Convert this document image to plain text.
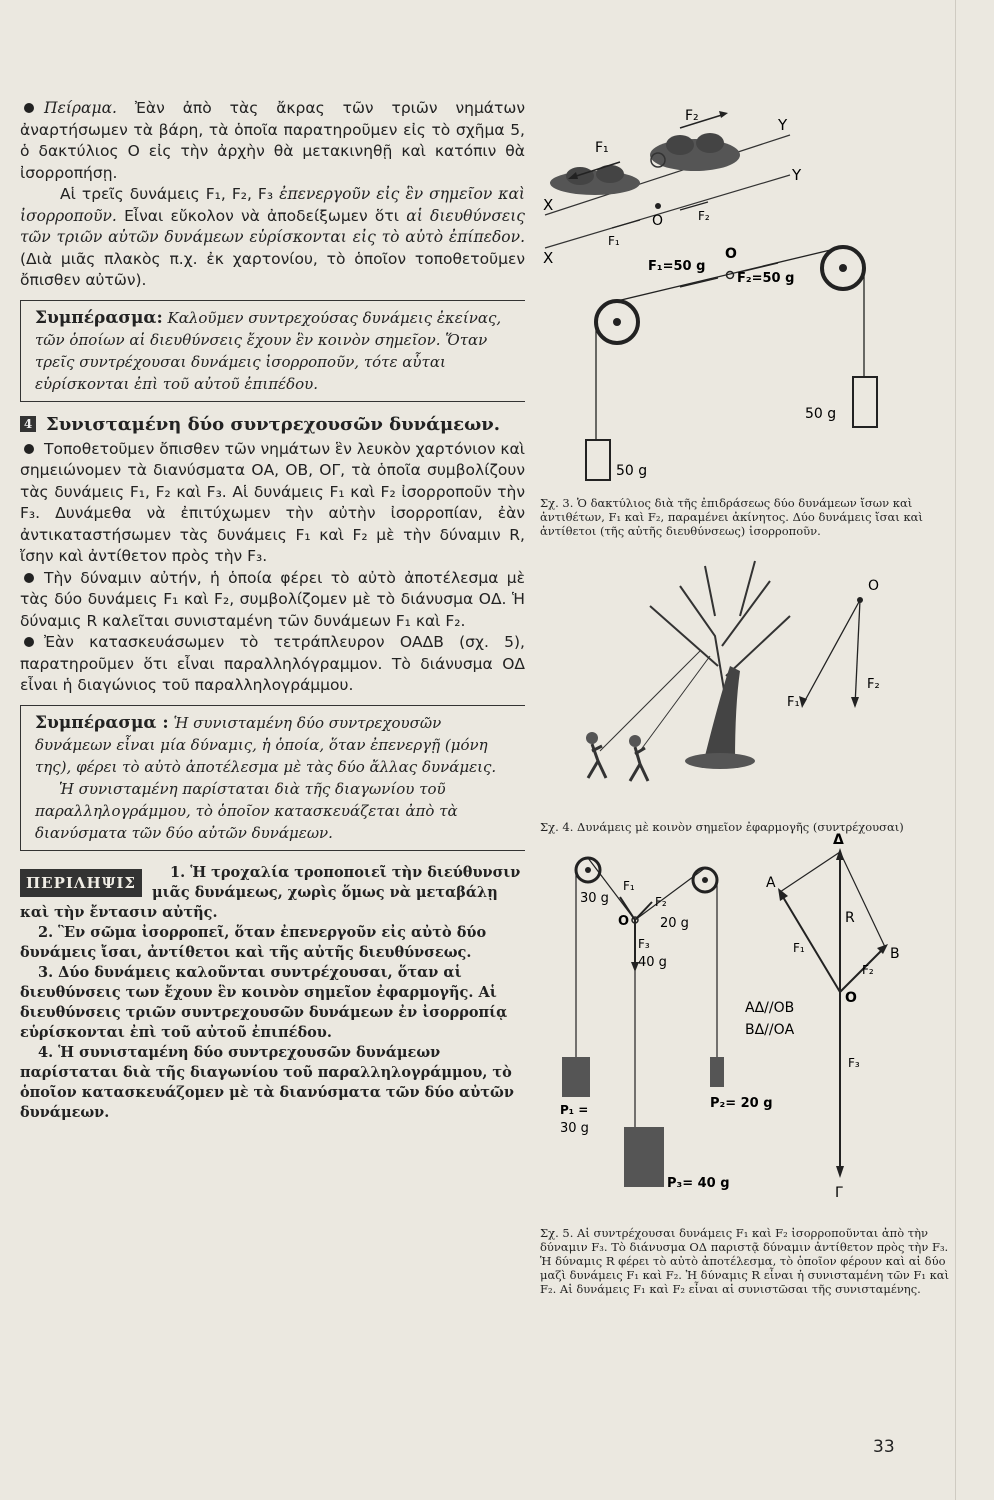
Πείραμα. Ἐὰν ἀπὸ τὰς ἄκρας τῶν τριῶν νημάτων ἀναρτήσωμεν τὰ βάρη, τὰ ὁποῖα παρατηροῦμεν εἰς τὸ σχῆμα 5, ὁ δακτύλιος Ο εἰς τὴν ἀρχὴν θὰ μετακινηθῇ καὶ κατόπιν θὰ ἰσορροπήσῃ.

Αἱ τρεῖς δυνάμεις F₁, F₂, F₃ ἐπενεργοῦν εἰς ἓν σημεῖον καὶ ἰσορροποῦν. Εἶναι εὔκολον νὰ ἀποδείξωμεν ὅτι αἱ διευθύνσεις τῶν τριῶν αὐτῶν δυνάμεων εὑρίσκονται εἰς τὸ αὐτὸ ἐπίπεδον. (Διὰ μιᾶς πλακὸς π.χ. ἐκ χαρτονίου, τὸ ὁποῖον τοποθετοῦμεν ὄπισθεν αὐτῶν).

Συμπέρασμα: Καλοῦμεν συντρεχούσας δυνάμεις ἐκείνας, τῶν ὁποίων αἱ διευθύνσεις ἔχουν ἓν κοινὸν σημεῖον. Ὅταν τρεῖς συντρέχουσαι δυνάμεις ἰσορροποῦν, τότε αὗται εὑρίσκονται ἐπὶ τοῦ αὐτοῦ ἐπιπέδου.

4 Συνισταμένη δύο συντρεχουσῶν δυνάμεων.

Τοποθετοῦμεν ὄπισθεν τῶν νημάτων ἓν λευκὸν χαρτόνιον καὶ σημειώνομεν τὰ διανύσματα ΟΑ, ΟΒ, ΟΓ, τὰ ὁποῖα συμβολίζουν τὰς δυνάμεις F₁, F₂ καὶ F₃. Αἱ δυνάμεις F₁ καὶ F₂ ἰσορροποῦν τὴν F₃. Δυνάμεθα νὰ ἐπιτύχωμεν τὴν αὐτὴν ἰσορροπίαν, ἐὰν ἀντικαταστήσωμεν τὰς δυνάμεις F₁ καὶ F₂ μὲ τὴν δύναμιν R, ἴσην καὶ ἀντίθετον πρὸς τὴν F₃.

Τὴν δύναμιν αὐτήν, ἡ ὁποία φέρει τὸ αὐτὸ ἀποτέλεσμα μὲ τὰς δύο δυνάμεις F₁ καὶ F₂, συμβολίζομεν μὲ τὸ διάνυσμα ΟΔ. Ἡ δύναμις R καλεῖται συνισταμένη τῶν δυνάμεων F₁ καὶ F₂.

Ἐὰν κατασκευάσωμεν τὸ τετράπλευρον ΟΑΔΒ (σχ. 5), παρατηροῦμεν ὅτι εἶναι παραλληλόγραμμον. Τὸ διάνυσμα ΟΔ εἶναι ἡ διαγώνιος τοῦ παραλληλογράμμου.

Συμπέρασμα : Ἡ συνισταμένη δύο συντρεχουσῶν δυνάμεων εἶναι μία δύναμις, ἡ ὁποία, ὅταν ἐπενεργῇ (μόνη της), φέρει τὸ αὐτὸ ἀποτέλεσμα μὲ τὰς δύο ἄλλας δυνάμεις.

Ἡ συνισταμένη παρίσταται διὰ τῆς διαγωνίου τοῦ παραλληλογράμμου, τὸ ὁποῖον κατασκευάζεται ἀπὸ τὰ διανύσματα τῶν δύο αὐτῶν δυνάμεων.

ΠΕΡΙΛΗΨΙΣ

1. Ἡ τροχαλία τροποποιεῖ τὴν διεύθυνσιν μιᾶς δυνάμεως, χωρὶς ὅμως νὰ μεταβάλῃ καὶ τὴν ἔντασιν αὐτῆς.

2. Ἓν σῶμα ἰσορροπεῖ, ὅταν ἐπενεργοῦν εἰς αὐτὸ δύο δυνάμεις ἴσαι, ἀντίθετοι καὶ τῆς αὐτῆς διευθύνσεως.

3. Δύο δυνάμεις καλοῦνται συντρέχουσαι, ὅταν αἱ διευθύνσεις των ἔχουν ἓν κοινὸν σημεῖον ἐφαρμογῆς. Αἱ διευθύνσεις τριῶν συντρεχουσῶν δυνάμεων ἐν ἰσορροπίᾳ εὑρίσκονται ἐπὶ τοῦ αὐτοῦ ἐπιπέδου.

4. Ἡ συνισταμένη δύο συντρεχουσῶν δυνάμεων παρίσταται διὰ τῆς διαγωνίου τοῦ παραλληλογράμμου, τὸ ὁποῖον κατασκευάζομεν μὲ τὰ διανύσματα τῶν δύο αὐτῶν δυνάμεων.

F₁
F₂	Y
Y
X
X
O
F₁
F₂
50 g
50 g
O
F₁=50 g
F₂=50 g

Σχ. 3. Ὁ δακτύλιος διὰ τῆς ἐπιδράσεως δύο δυνάμεων ἴσων καὶ ἀντιθέτων, F₁ καὶ F₂, παραμένει ἀκίνητος. Δύο δυνάμεις ἴσαι καὶ ἀντίθετοι (τῆς αὐτῆς διευθύνσεως) ἰσορροποῦν.

O
F₁
F₂

Σχ. 4. Δυνάμεις μὲ κοινὸν σημεῖον ἐφαρμογῆς (συντρέχουσαι)

F₁
F₂
F₃
30 g
20 g
40 g
O
P₁ =
30 g
P₂= 20 g
P₃= 40 g
Δ
A
B
R
F₁
F₂
F₃
O
Γ
ΑΔ//ΟΒ
ΒΔ//ΟΑ

Σχ. 5. Αἱ συντρέχουσαι δυνάμεις F₁ καὶ F₂ ἰσορροποῦνται ἀπὸ τὴν δύναμιν F₃. Τὸ διάνυσμα ΟΔ παριστᾷ δύναμιν ἀντίθετον πρὸς τὴν F₃. Ἡ δύναμις R φέρει τὸ αὐτὸ ἀποτέλεσμα, τὸ ὁποῖον φέρουν καὶ αἱ δύο μαζὶ δυνάμεις F₁ καὶ F₂. Ἡ δύναμις R εἶναι ἡ συνισταμένη τῶν F₁ καὶ F₂. Αἱ δυνάμεις F₁ καὶ F₂ εἶναι αἱ συνιστῶσαι τῆς συνισταμένης.

33
